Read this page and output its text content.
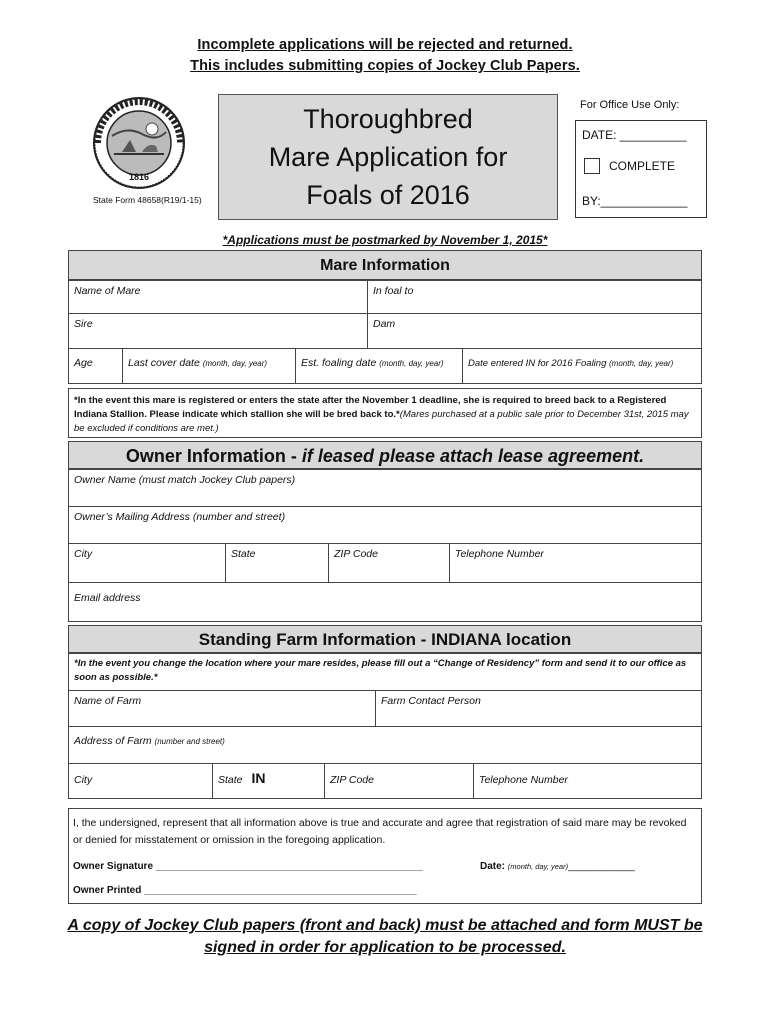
Incomplete applications will be rejected and returned.
This includes submitting copies of Jockey Club Papers.
1816
State Form 48658(R19/1-15)
Thoroughbred
Mare Application for
Foals of 2016
For Office Use Only:
DATE: __________
COMPLETE
BY:_____________
*Applications must be postmarked by November 1, 2015*
Mare Information
Name of Mare	In foal to
Sire	Dam
Age	Last cover date (month, day, year)	Est. foaling date (month, day, year)	Date entered IN for 2016 Foaling (month, day, year)
*In the event this mare is registered or enters the state after the November 1 deadline, she is required to breed back to a Registered Indiana Stallion. Please indicate which stallion she will be bred back to.*(Mares purchased at a public sale prior to December 31st, 2015 may be excluded if conditions are met.)
Owner Information - if leased please attach lease agreement.
Owner Name (must match Jockey Club papers)
Owner’s Mailing Address (number and street)
City	State	ZIP Code	Telephone Number
Email address
Standing Farm Information - INDIANA location
*In the event you change the location where your mare resides, please fill out a “Change of Residency” form and send it to our office as soon as possible.*
Name of Farm	Farm Contact Person
Address of Farm (number and street)
City	State IN	ZIP Code	Telephone Number
I, the undersigned, represent that all information above is true and accurate and agree that registration of said mare may be revoked or denied for misstatement or omission in the foregoing application.
Owner Signature ________________________________________________	Date: (month, day, year)____________
Owner Printed _________________________________________________
A copy of Jockey Club papers (front and back) must be attached and form MUST be
signed in order for application to be processed.
